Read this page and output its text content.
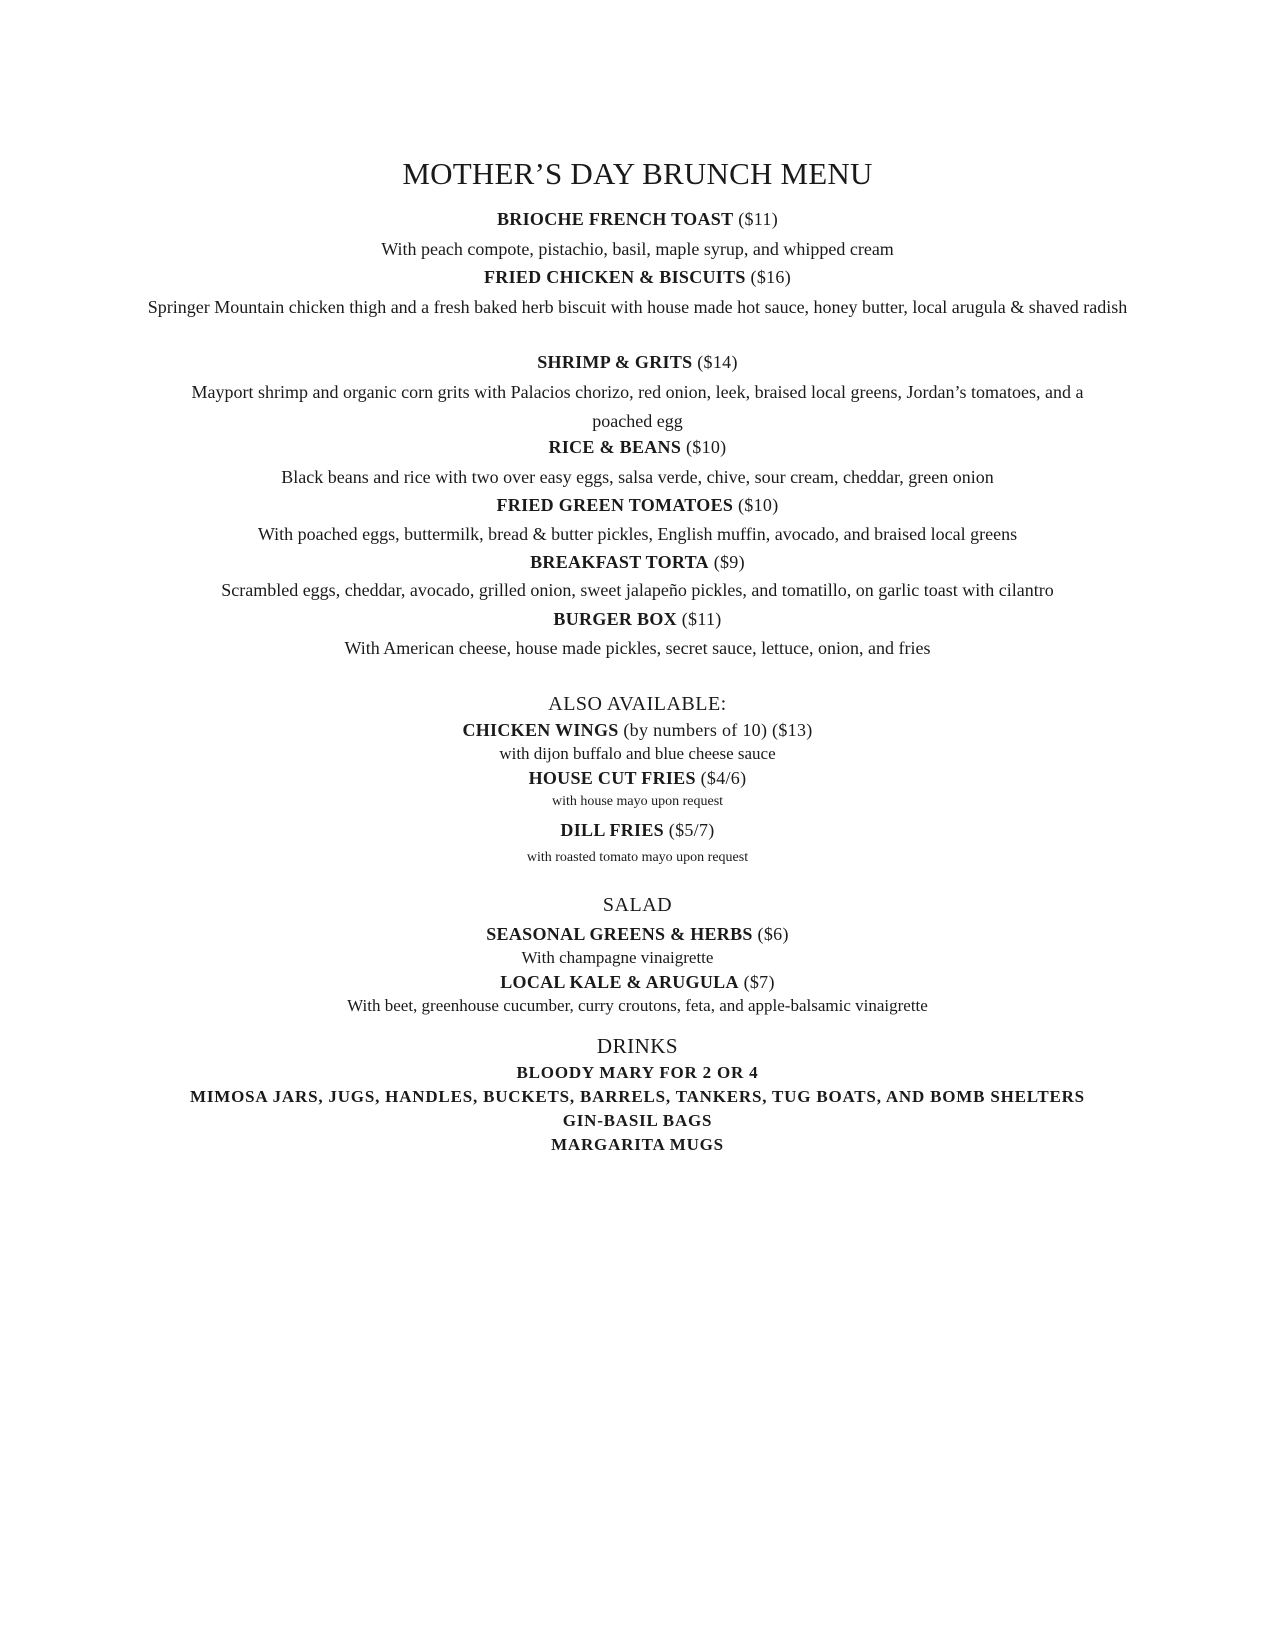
MOTHER’S DAY BRUNCH MENU
BRIOCHE FRENCH TOAST ($11)
With peach compote, pistachio, basil, maple syrup, and whipped cream
FRIED CHICKEN & BISCUITS ($16)
Springer Mountain chicken thigh and a fresh baked herb biscuit with house made hot sauce, honey butter, local arugula & shaved radish
SHRIMP & GRITS ($14)
Mayport shrimp and organic corn grits with Palacios chorizo, red onion, leek, braised local greens, Jordan’s tomatoes, and a poached egg
RICE & BEANS ($10)
Black beans and rice with two over easy eggs, salsa verde, chive, sour cream, cheddar, green onion
FRIED GREEN TOMATOES ($10)
With poached eggs, buttermilk, bread & butter pickles, English muffin, avocado, and braised local greens
BREAKFAST TORTA ($9)
Scrambled eggs, cheddar, avocado, grilled onion, sweet jalapeño pickles, and tomatillo, on garlic toast with cilantro
BURGER BOX ($11)
With American cheese, house made pickles, secret sauce, lettuce, onion, and fries
ALSO AVAILABLE:
CHICKEN WINGS (by numbers of 10) ($13)
with dijon buffalo and blue cheese sauce
HOUSE CUT FRIES ($4/6)
with house mayo upon request
DILL FRIES ($5/7)
with roasted tomato mayo upon request
SALAD
SEASONAL GREENS & HERBS ($6)
With champagne vinaigrette
LOCAL KALE & ARUGULA ($7)
With beet, greenhouse cucumber, curry croutons, feta, and apple-balsamic vinaigrette
DRINKS
BLOODY MARY FOR 2 OR 4
MIMOSA JARS, JUGS, HANDLES, BUCKETS, BARRELS, TANKERS, TUG BOATS, AND BOMB SHELTERS
GIN-BASIL BAGS
MARGARITA MUGS
